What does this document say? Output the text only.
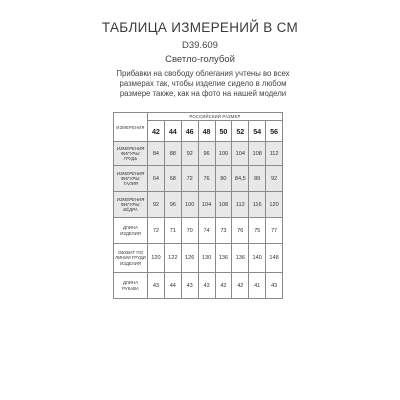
ТАБЛИЦА ИЗМЕРЕНИЙ В СМ
D39.609
Светло-голубой
Прибавки на свободу облегания учтены во всех размерах так, чтобы изделие сидело в любом размере также, как на фото на нашей модели
ИЗМЕРЕНИЯ	РОССИЙСКИЙ РАЗМЕР							
	42	44	46	48	50	52	54	56
ИЗМЕРЕНИЯ ФИГУРЫ: ГРУДЬ	84	88	92	96	100	104	108	112
ИЗМЕРЕНИЯ ФИГУРЫ: ТАЛИЯ	64	68	72	76	80	84,5	89	92
ИЗМЕРЕНИЯ ФИГУРЫ: БЁДРА	92	96	100	104	108	112	116	120
ДЛИНА ИЗДЕЛИЯ	72	71	70	74	73	76	75	77
ОБХВАТ ПО ЛИНИИ ГРУДИ ИЗДЕЛИЯ	120	122	126	130	136	136	140	148
ДЛИНА РУКАВА	43	44	43	43	42	42	41	43
